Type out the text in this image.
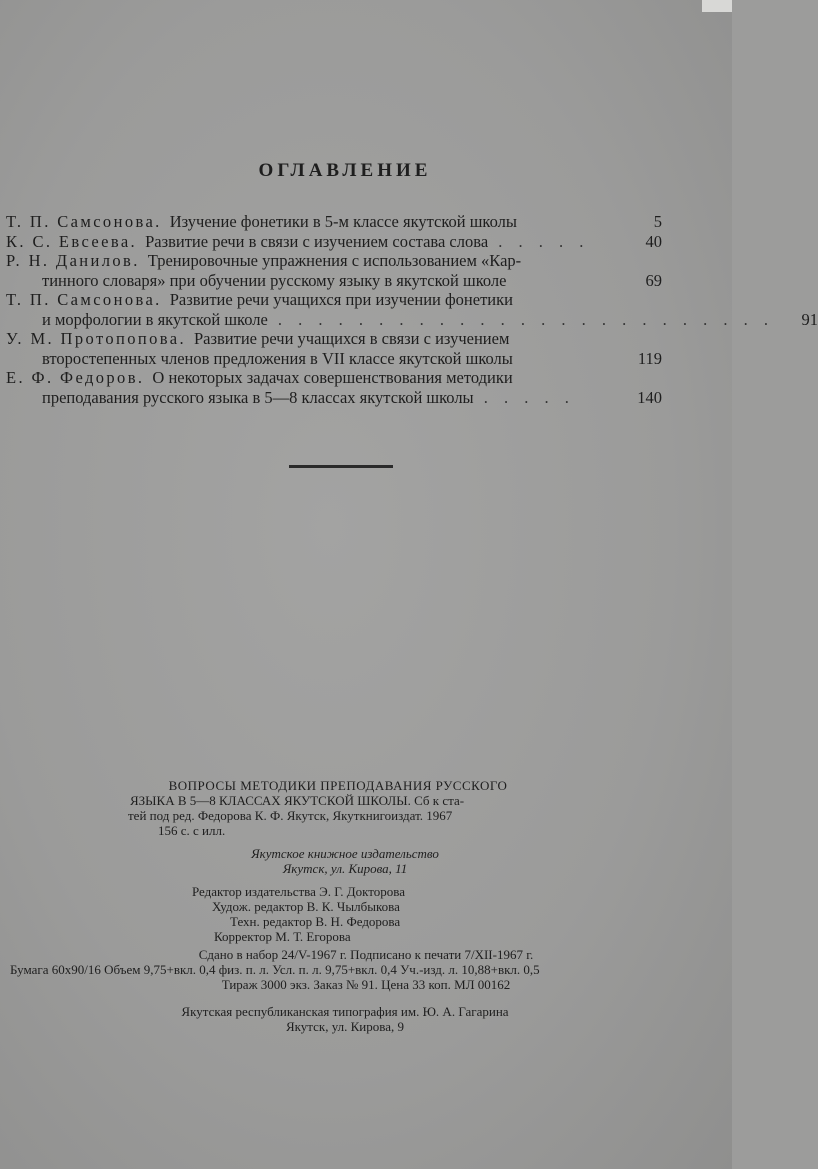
ОГЛАВЛЕНИЕ
Т. П. Самсонова. Изучение фонетики в 5-м классе якутской школы	5
К. С. Евсеева. Развитие речи в связи с изучением состава слова . . . . .	40
Р. Н. Данилов. Тренировочные упражнения с использованием «Кар-
тинного словаря» при обучении русскому языку в якутской школе	69
Т. П. Самсонова. Развитие речи учащихся при изучении фонетики
и морфологии в якутской школе . . . . . . . . . . . . . . . . . . . . . . . . .	91
У. М. Протопопова. Развитие речи учащихся в связи с изучением
второстепенных членов предложения в VII классе якутской школы	119
Е. Ф. Федоров. О некоторых задачах совершенствования методики
преподавания русского языка в 5—8 классах якутской школы . . . . .	140
ВОПРОСЫ МЕТОДИКИ ПРЕПОДАВАНИЯ РУССКОГО
ЯЗЫКА В 5—8 КЛАССАХ ЯКУТСКОЙ ШКОЛЫ. Сб к ста-
тей под ред. Федорова К. Ф. Якутск, Якуткнигоиздат. 1967
156 с. с илл.
Якутское книжное издательство
Якутск, ул. Кирова, 11
Редактор издательства Э. Г. Докторова
Худож. редактор В. К. Чылбыкова
Техн. редактор В. Н. Федорова
Корректор М. Т. Егорова
Сдано в набор 24/V-1967 г. Подписано к печати 7/XII-1967 г.
Бумага 60х90/16 Объем 9,75+вкл. 0,4 физ. п. л. Усл. п. л. 9,75+вкл. 0,4 Уч.-изд. л. 10,88+вкл. 0,5
Тираж 3000 экз. Заказ № 91. Цена 33 коп. МЛ 00162
Якутская республиканская типография им. Ю. А. Гагарина
Якутск, ул. Кирова, 9
